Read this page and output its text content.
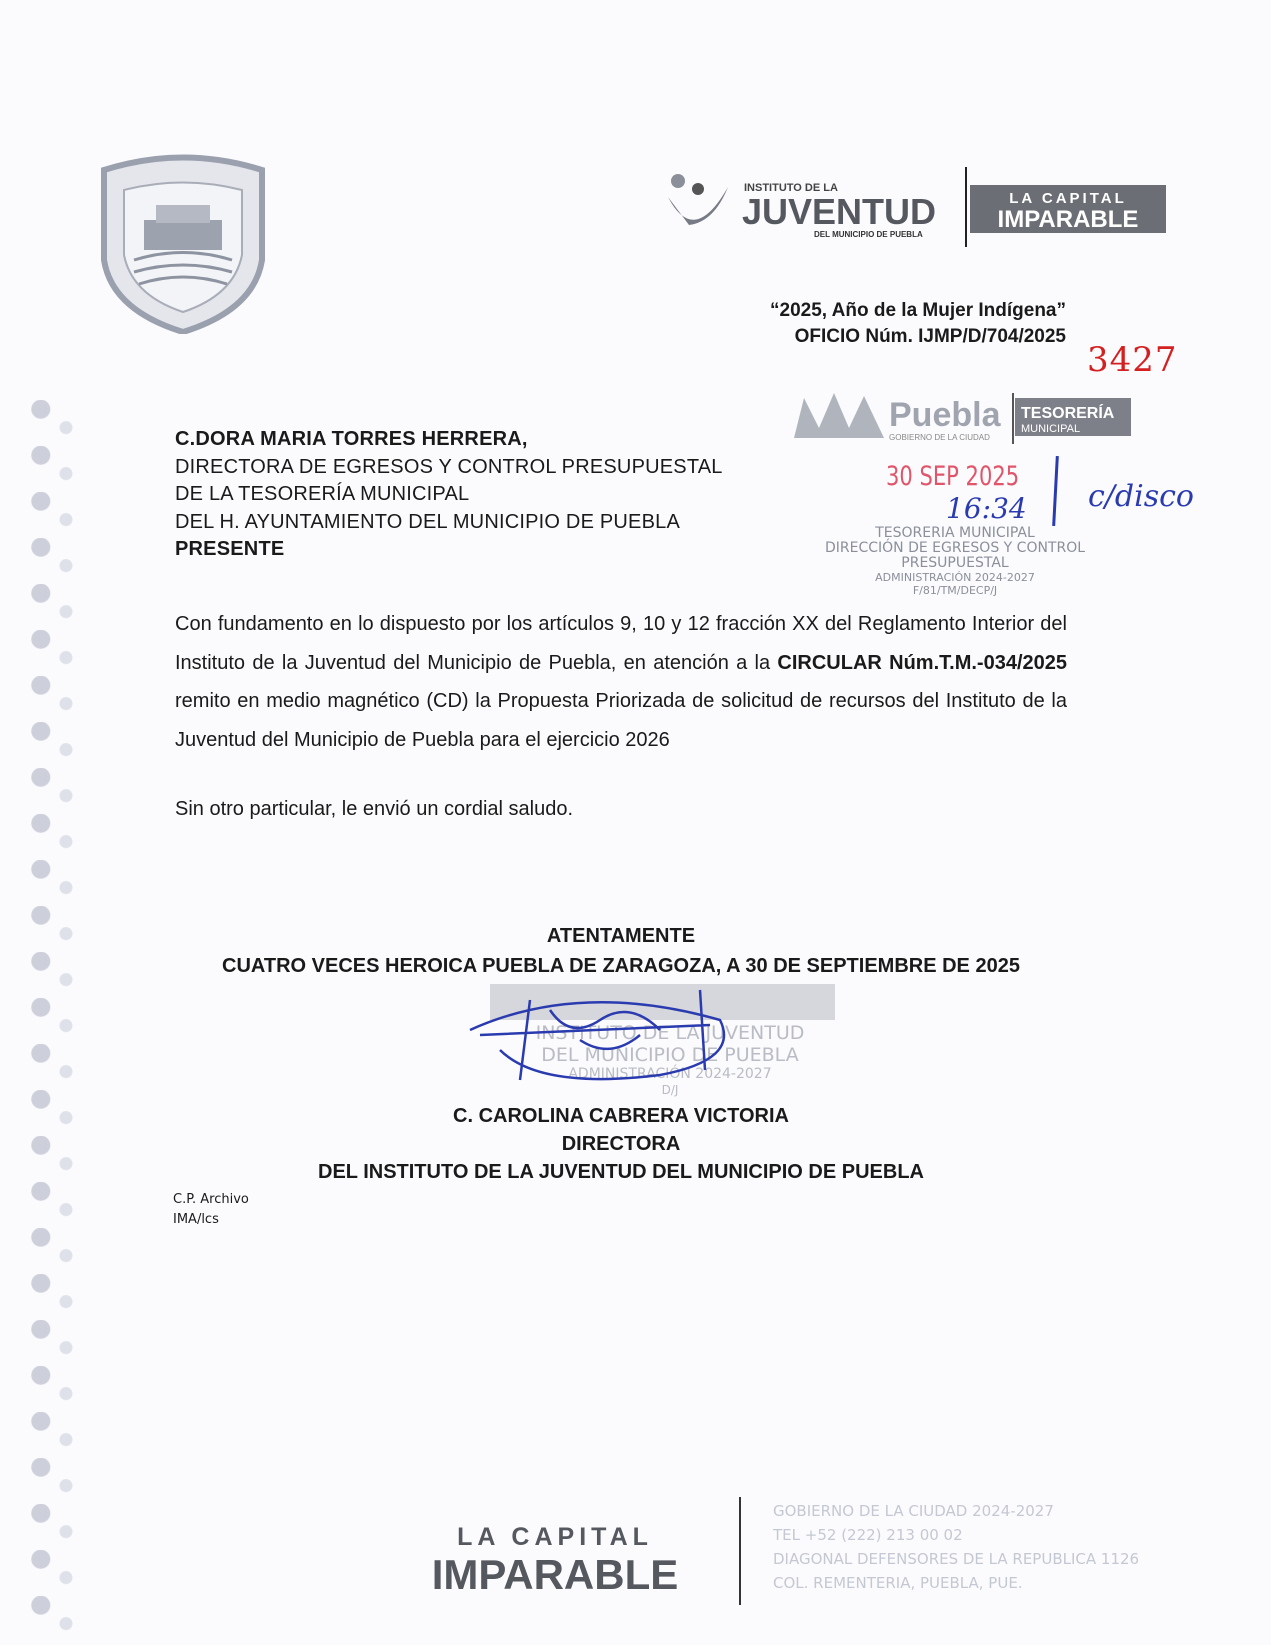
INSTITUTO DE LA
JUVENTUD
DEL MUNICIPIO DE PUEBLA
LA CAPITAL
IMPARABLE
“2025, Año de la Mujer Indígena”
OFICIO Núm. IJMP/D/704/2025
3427
Puebla
GOBIERNO DE LA CIUDAD
TESORERÍA
MUNICIPAL
C.DORA MARIA TORRES HERRERA,
DIRECTORA DE EGRESOS Y CONTROL PRESUPUESTAL
DE LA TESORERÍA MUNICIPAL
DEL H. AYUNTAMIENTO DEL MUNICIPIO DE PUEBLA
PRESENTE
30 SEP 2025
16:34 c/disco
TESORERIA MUNICIPAL
DIRECCIÓN DE EGRESOS Y CONTROL
PRESUPUESTAL
ADMINISTRACIÓN 2024-2027
F/81/TM/DECP/J
Con fundamento en lo dispuesto por los artículos 9, 10 y 12 fracción XX del Reglamento Interior del Instituto de la Juventud del Municipio de Puebla, en atención a la CIRCULAR Núm.T.M.-034/2025 remito en medio magnético (CD) la Propuesta Priorizada de solicitud de recursos del Instituto de la Juventud del Municipio de Puebla para el ejercicio 2026
Sin otro particular, le envió un cordial saludo.
ATENTAMENTE
CUATRO VECES HEROICA PUEBLA DE ZARAGOZA, A 30 DE SEPTIEMBRE DE 2025
INSTITUTO DE LA JUVENTUD
DEL MUNICIPIO DE PUEBLA
ADMINISTRACIÓN 2024-2027
D/J
C. CAROLINA CABRERA VICTORIA
DIRECTORA
DEL INSTITUTO DE LA JUVENTUD DEL MUNICIPIO DE PUEBLA
C.P. Archivo
IMA/lcs
LA CAPITAL
IMPARABLE
GOBIERNO DE LA CIUDAD 2024-2027
TEL +52 (222) 213 00 02
DIAGONAL DEFENSORES DE LA REPUBLICA 1126
COL. REMENTERIA, PUEBLA, PUE.
